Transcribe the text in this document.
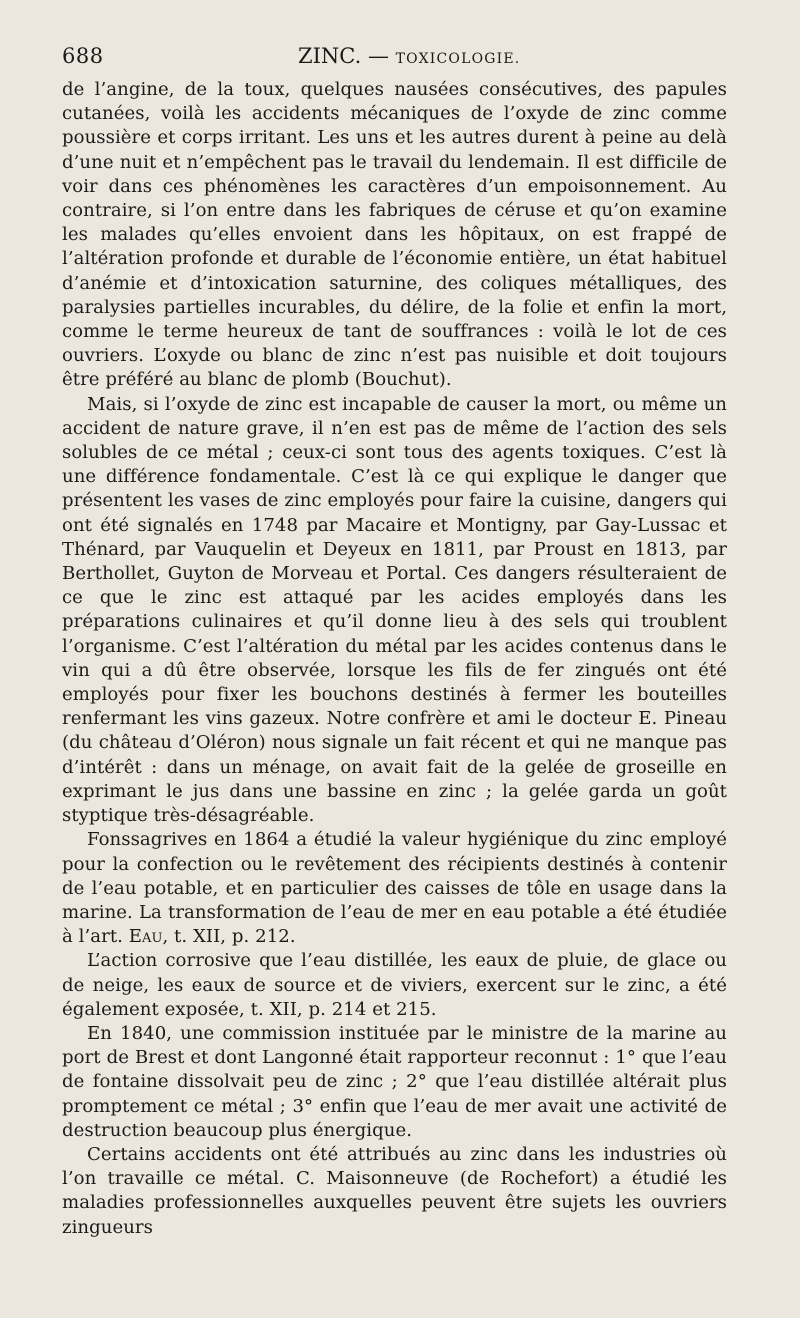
688	ZINC. — TOXICOLOGIE.

de l’angine, de la toux, quelques nausées consécutives, des papules cutanées, voilà les accidents mécaniques de l’oxyde de zinc comme poussière et corps irritant. Les uns et les autres durent à peine au delà d’une nuit et n’empêchent pas le travail du lendemain. Il est difficile de voir dans ces phénomènes les caractères d’un empoisonnement. Au contraire, si l’on entre dans les fabriques de céruse et qu’on examine les malades qu’elles envoient dans les hôpitaux, on est frappé de l’altération profonde et durable de l’économie entière, un état habituel d’anémie et d’intoxication saturnine, des coliques métalliques, des paralysies partielles incurables, du délire, de la folie et enfin la mort, comme le terme heureux de tant de souffrances : voilà le lot de ces ouvriers. L’oxyde ou blanc de zinc n’est pas nuisible et doit toujours être préféré au blanc de plomb (Bouchut).

Mais, si l’oxyde de zinc est incapable de causer la mort, ou même un accident de nature grave, il n’en est pas de même de l’action des sels solubles de ce métal ; ceux-ci sont tous des agents toxiques. C’est là une différence fondamentale. C’est là ce qui explique le danger que présentent les vases de zinc employés pour faire la cuisine, dangers qui ont été signalés en 1748 par Macaire et Montigny, par Gay-Lussac et Thénard, par Vauquelin et Deyeux en 1811, par Proust en 1813, par Berthollet, Guyton de Morveau et Portal. Ces dangers résulteraient de ce que le zinc est attaqué par les acides employés dans les préparations culinaires et qu’il donne lieu à des sels qui troublent l’organisme. C’est l’altération du métal par les acides contenus dans le vin qui a dû être observée, lorsque les fils de fer zingués ont été employés pour fixer les bouchons destinés à fermer les bouteilles renfermant les vins gazeux. Notre confrère et ami le docteur E. Pineau (du château d’Oléron) nous signale un fait récent et qui ne manque pas d’intérêt : dans un ménage, on avait fait de la gelée de groseille en exprimant le jus dans une bassine en zinc ; la gelée garda un goût styptique très-désagréable.

Fonssagrives en 1864 a étudié la valeur hygiénique du zinc employé pour la confection ou le revêtement des récipients destinés à contenir de l’eau potable, et en particulier des caisses de tôle en usage dans la marine. La transformation de l’eau de mer en eau potable a été étudiée à l’art. Eau, t. XII, p. 212.

L’action corrosive que l’eau distillée, les eaux de pluie, de glace ou de neige, les eaux de source et de viviers, exercent sur le zinc, a été également exposée, t. XII, p. 214 et 215.

En 1840, une commission instituée par le ministre de la marine au port de Brest et dont Langonné était rapporteur reconnut : 1° que l’eau de fontaine dissolvait peu de zinc ; 2° que l’eau distillée altérait plus promptement ce métal ; 3° enfin que l’eau de mer avait une activité de destruction beaucoup plus énergique.

Certains accidents ont été attribués au zinc dans les industries où l’on travaille ce métal. C. Maisonneuve (de Rochefort) a étudié les maladies professionnelles auxquelles peuvent être sujets les ouvriers zingueurs
